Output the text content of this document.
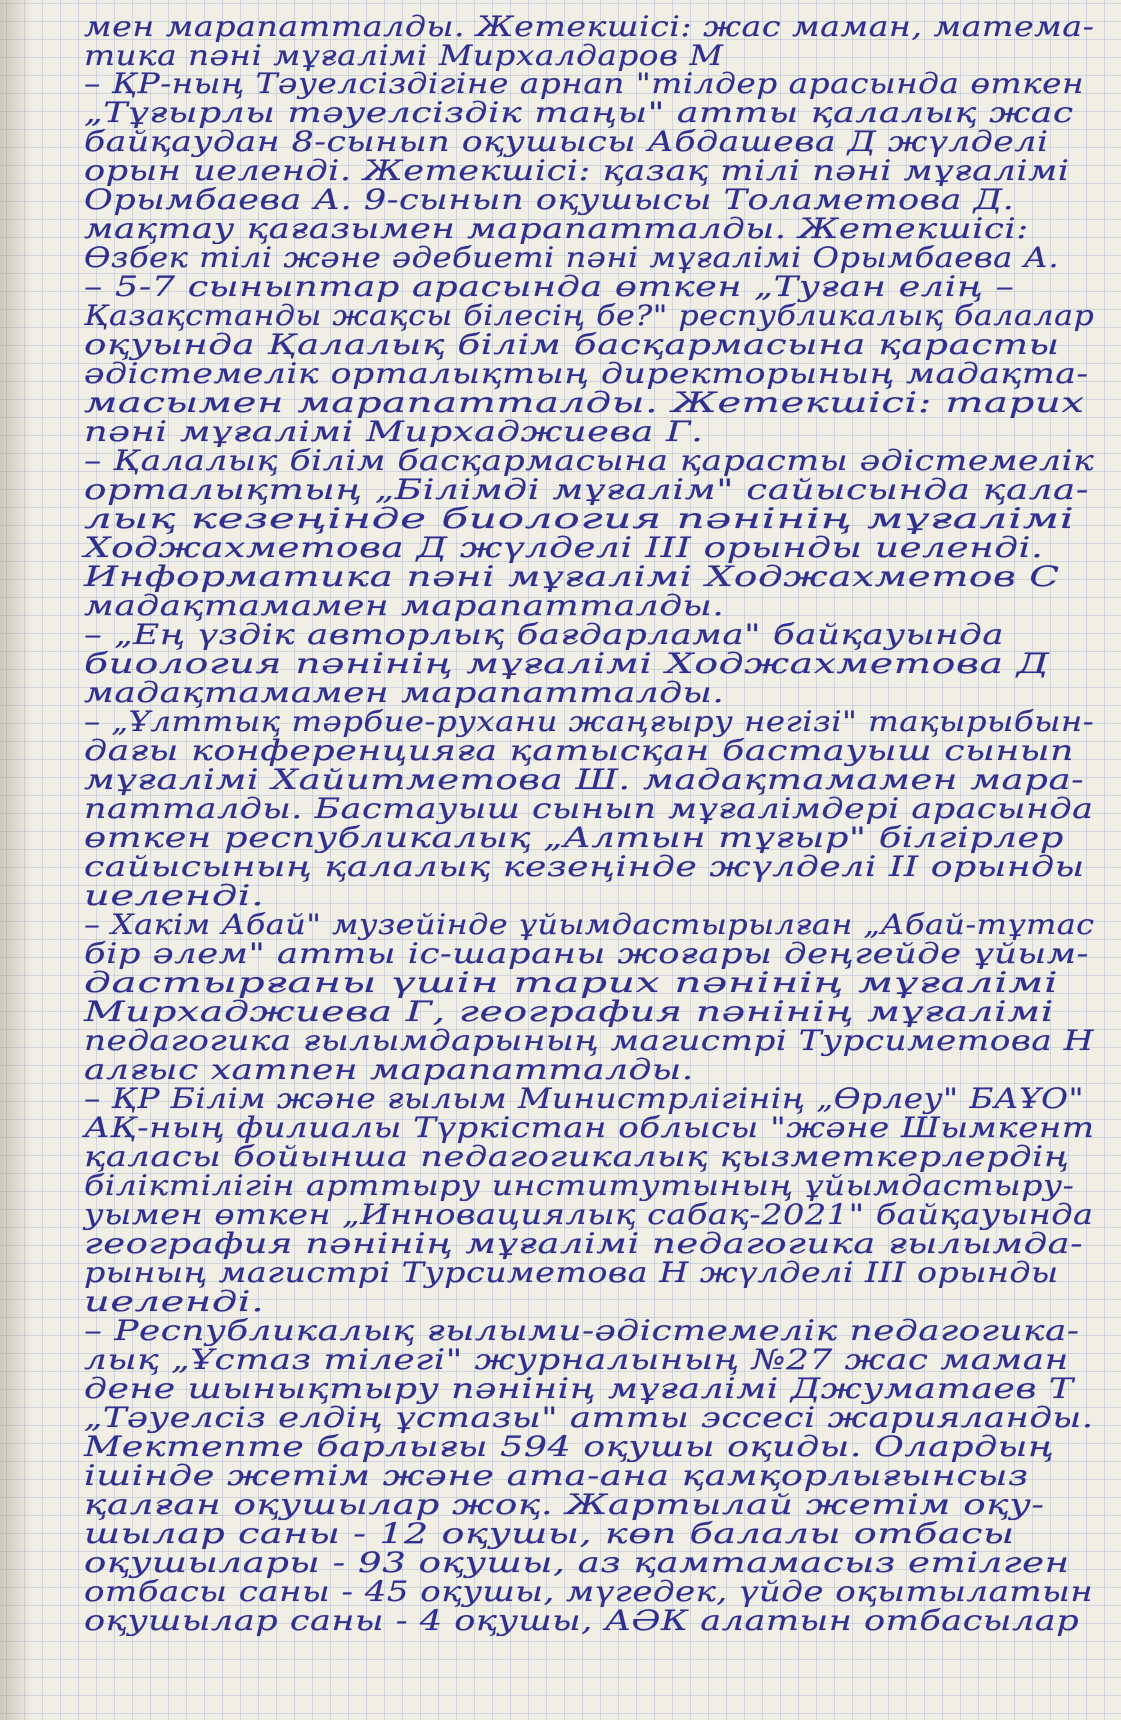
мен марапатталды. Жетекшісі: жас маман, матема-
тика пәні мұғалімі Мирхалдаров М
– ҚР-ның Тәуелсіздігіне арнап "тілдер арасында өткен
„Тұғырлы тәуелсіздік таңы" атты қалалық жас
байқаудан 8-сынып оқушысы Абдашева Д жүлделі
орын иеленді. Жетекшісі: қазақ тілі пәні мұғалімі
Орымбаева А. 9-сынып оқушысы Толаметова Д.
мақтау қағазымен марапатталды. Жетекшісі:
Өзбек тілі және әдебиеті пәні мұғалімі Орымбаева А.
– 5-7 сыныптар арасында өткен „Туған елің –
Қазақстанды жақсы білесің бе?" республикалық балалар
оқуында Қалалық білім басқармасына қарасты
әдістемелік орталықтың директорының мадақта-
масымен марапатталды. Жетекшісі: тарих
пәні мұғалімі Мирхаджиева Г.
– Қалалық білім басқармасына қарасты әдістемелік
орталықтың „Білімді мұғалім" сайысында қала-
лық кезеңінде биология пәнінің мұғалімі
Ходжахметова Д жүлделі III орынды иеленді.
Информатика пәні мұғалімі Ходжахметов С
мадақтамамен марапатталды.
– „Ең үздік авторлық бағдарлама" байқауында
биология пәнінің мұғалімі Ходжахметова Д
мадақтамамен марапатталды.
– „Ұлттық тәрбие-рухани жаңғыру негізі" тақырыбын-
дағы конференцияға қатысқан бастауыш сынып
мұғалімі Хайитметова Ш. мадақтамамен мара-
патталды. Бастауыш сынып мұғалімдері арасында
өткен республикалық „Алтын тұғыр" білгірлер
сайысының қалалық кезеңінде жүлделі II орынды
иеленді.
– Хакім Абай" музейінде ұйымдастырылған „Абай-тұтас
бір әлем" атты іс-шараны жоғары деңгейде ұйым-
дастырғаны үшін тарих пәнінің мұғалімі
Мирхаджиева Г, география пәнінің мұғалімі
педагогика ғылымдарының магистрі Турсиметова Н
алғыс хатпен марапатталды.
– ҚР Білім және ғылым Министрлігінің „Өрлеу" БАҰО"
АҚ-ның филиалы Түркістан облысы "және Шымкент
қаласы бойынша педагогикалық қызметкерлердің
біліктілігін арттыру институтының ұйымдастыру-
уымен өткен „Инновациялық сабақ-2021" байқауында
география пәнінің мұғалімі педагогика ғылымда-
рының магистрі Турсиметова Н жүлделі III орынды
иеленді.
– Республикалық ғылыми-әдістемелік педагогика-
лық „Ұстаз тілегі" журналының №27 жас маман
дене шынықтыру пәнінің мұғалімі Джуматаев Т
„Тәуелсіз елдің ұстазы" атты эссесі жарияланды.
Мектепте барлығы 594 оқушы оқиды. Олардың
ішінде жетім және ата-ана қамқорлығынсыз
қалған оқушылар жоқ. Жартылай жетім оқу-
шылар саны - 12 оқушы, көп балалы отбасы
оқушылары - 93 оқушы, аз қамтамасыз етілген
отбасы саны - 45 оқушы, мүгедек, үйде оқытылатын
оқушылар саны - 4 оқушы, АӘК алатын отбасылар
